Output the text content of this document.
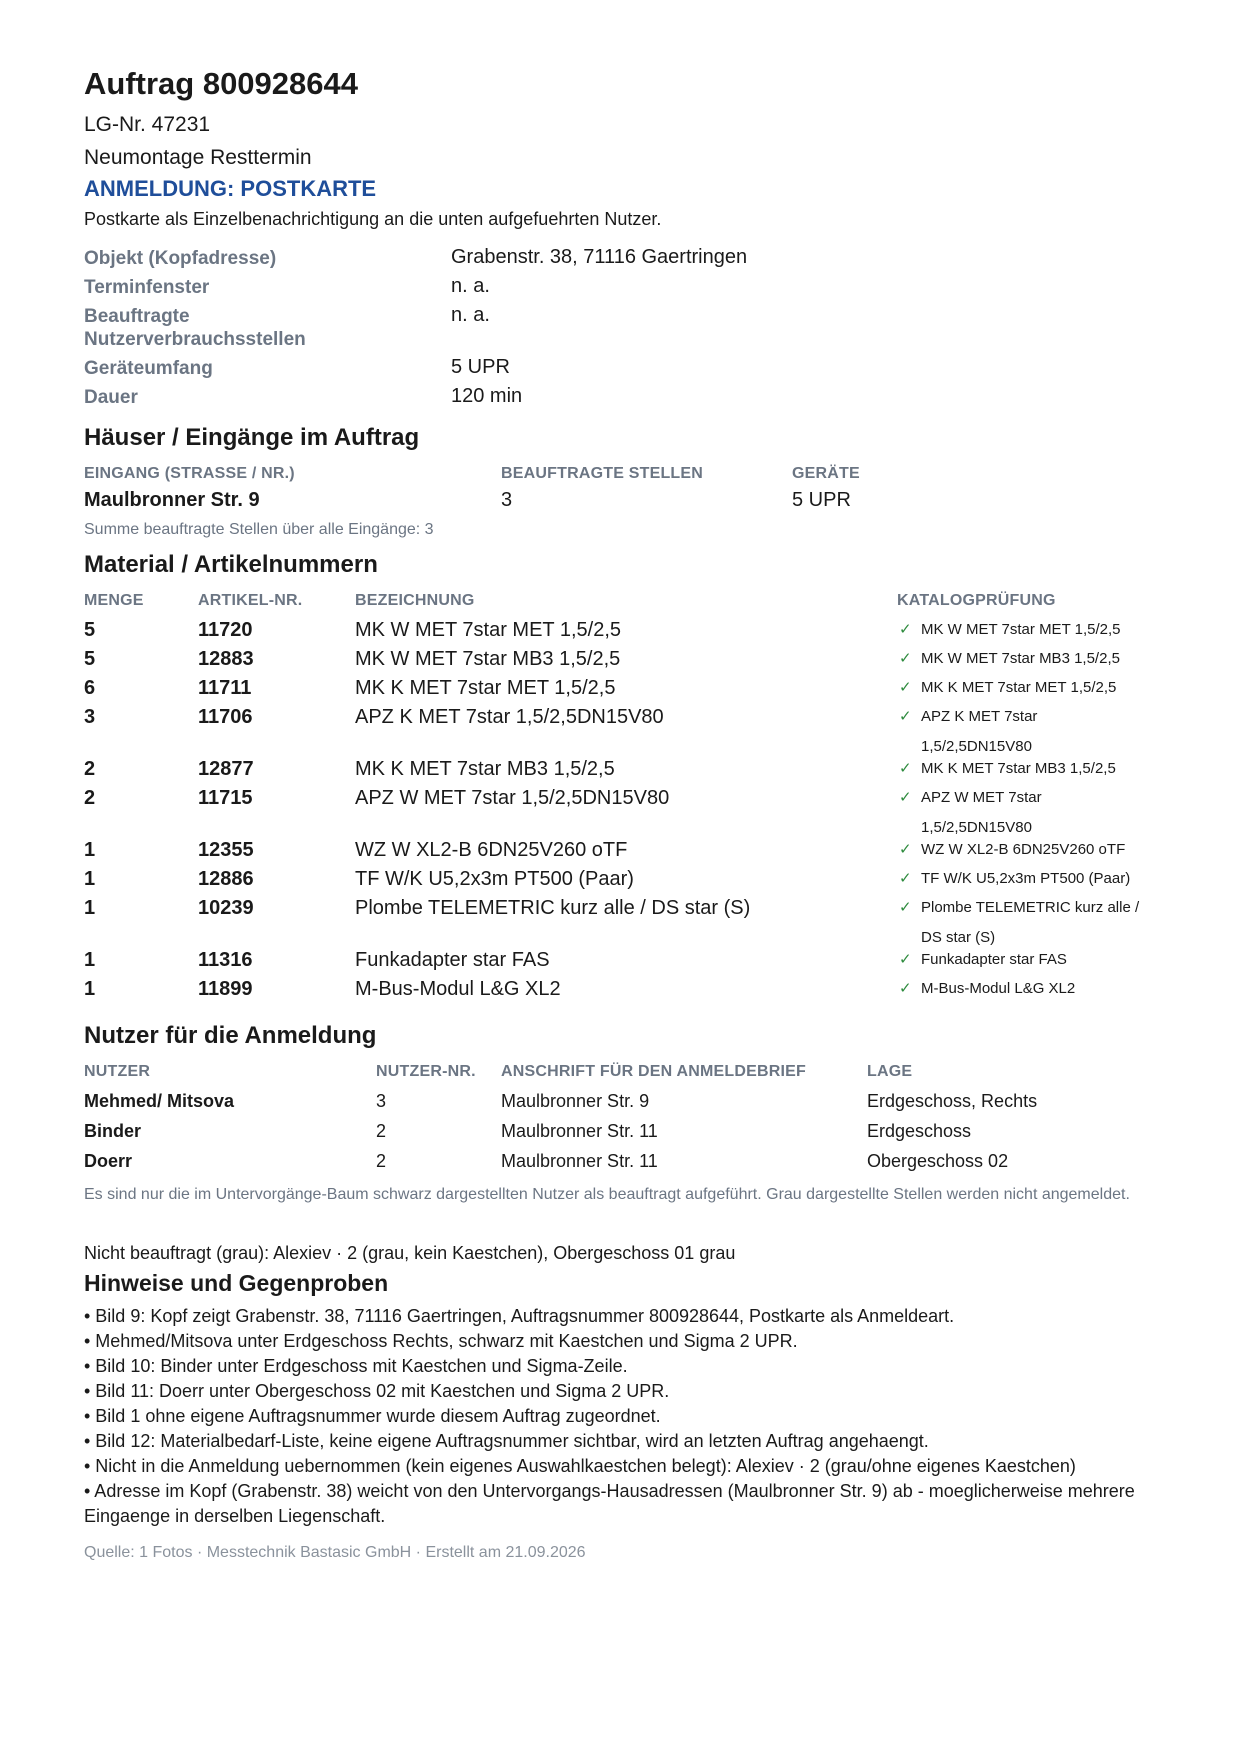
Auftrag 800928644
LG-Nr. 47231
Neumontage Resttermin
ANMELDUNG: POSTKARTE
Postkarte als Einzelbenachrichtigung an die unten aufgefuehrten Nutzer.
Objekt (Kopfadresse)	Grabenstr. 38, 71116 Gaertringen
Terminfenster	n. a.
Beauftragte
Nutzerverbrauchsstellen
n. a.
Geräteumfang	5 UPR
Dauer	120 min
Häuser / Eingänge im Auftrag
EINGANG (STRASSE / NR.)	BEAUFTRAGTE STELLEN	GERÄTE
Maulbronner Str. 9	3	5 UPR
Summe beauftragte Stellen über alle Eingänge: 3
Material / Artikelnummern
MENGE	ARTIKEL-NR.	BEZEICHNUNG	KATALOGPRÜFUNG
5	11720	MK W MET 7star MET 1,5/2,5	✓ MK W MET 7star MET 1,5/2,5
5	12883	MK W MET 7star MB3 1,5/2,5	✓ MK W MET 7star MB3 1,5/2,5
6	11711	MK K MET 7star MET 1,5/2,5	✓ MK K MET 7star MET 1,5/2,5
3	11706	APZ K MET 7star 1,5/2,5DN15V80	✓ APZ K MET 7star
1,5/2,5DN15V80
2	12877	MK K MET 7star MB3 1,5/2,5	✓ MK K MET 7star MB3 1,5/2,5
2	11715	APZ W MET 7star 1,5/2,5DN15V80	✓ APZ W MET 7star
1,5/2,5DN15V80
1	12355	WZ W XL2-B 6DN25V260 oTF	✓ WZ W XL2-B 6DN25V260 oTF
1	12886	TF W/K U5,2x3m PT500 (Paar)	✓ TF W/K U5,2x3m PT500 (Paar)
1	10239	Plombe TELEMETRIC kurz alle / DS star (S)	✓ Plombe TELEMETRIC kurz alle /
DS star (S)
1	11316	Funkadapter star FAS	✓ Funkadapter star FAS
1	11899	M-Bus-Modul L&G XL2	✓ M-Bus-Modul L&G XL2
Nutzer für die Anmeldung
NUTZER	NUTZER-NR. ANSCHRIFT FÜR DEN ANMELDEBRIEF	LAGE
Mehmed/ Mitsova	3	Maulbronner Str. 9	Erdgeschoss, Rechts
Binder	2	Maulbronner Str. 11	Erdgeschoss
Doerr	2	Maulbronner Str. 11	Obergeschoss 02
Es sind nur die im Untervorgänge-Baum schwarz dargestellten Nutzer als beauftragt aufgeführt. Grau dargestellte Stellen werden nicht angemeldet.
Nicht beauftragt (grau): Alexiev · 2 (grau, kein Kaestchen), Obergeschoss 01 grau
Hinweise und Gegenproben
• Bild 9: Kopf zeigt Grabenstr. 38, 71116 Gaertringen, Auftragsnummer 800928644, Postkarte als Anmeldeart.
• Mehmed/Mitsova unter Erdgeschoss Rechts, schwarz mit Kaestchen und Sigma 2 UPR.
• Bild 10: Binder unter Erdgeschoss mit Kaestchen und Sigma-Zeile.
• Bild 11: Doerr unter Obergeschoss 02 mit Kaestchen und Sigma 2 UPR.
• Bild 1 ohne eigene Auftragsnummer wurde diesem Auftrag zugeordnet.
• Bild 12: Materialbedarf-Liste, keine eigene Auftragsnummer sichtbar, wird an letzten Auftrag angehaengt.
• Nicht in die Anmeldung uebernommen (kein eigenes Auswahlkaestchen belegt): Alexiev · 2 (grau/ohne eigenes Kaestchen)
• Adresse im Kopf (Grabenstr. 38) weicht von den Untervorgangs-Hausadressen (Maulbronner Str. 9) ab - moeglicherweise mehrere Eingaenge in derselben Liegenschaft.
Quelle: 1 Fotos · Messtechnik Bastasic GmbH · Erstellt am 21.09.2026
